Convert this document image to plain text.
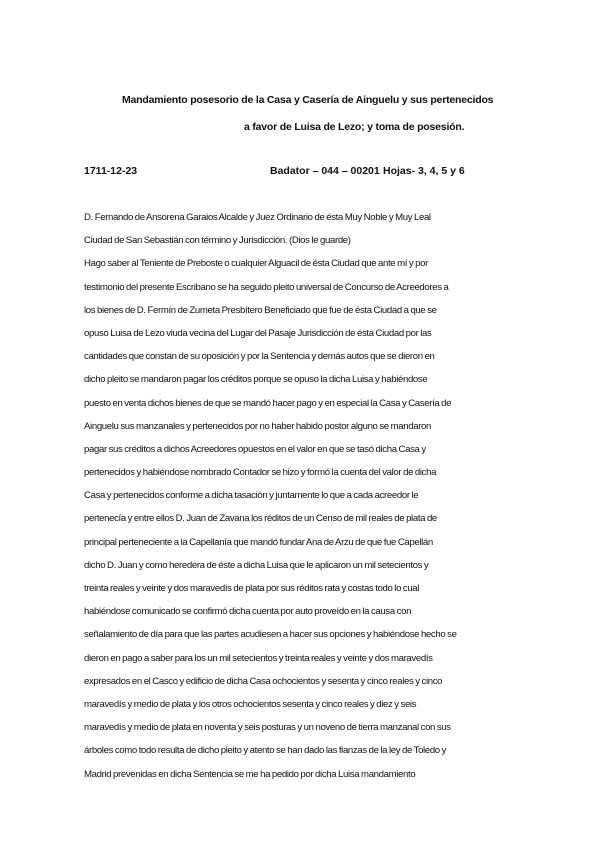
Mandamiento posesorio de la Casa y Casería de Ainguelu y sus pertenecidos
a favor de Luisa de Lezo; y toma de posesión.
1711-12-23	Badator – 044 – 00201 Hojas- 3, 4, 5 y 6
D. Fernando de Ansorena Garaios Alcalde y Juez Ordinario de ésta Muy Noble y Muy Leal
Ciudad de San Sebastián con término y Jurisdicción. (Dios le guarde)
Hago saber al Teniente de Preboste o cualquier Alguacil de ésta Ciudad que ante mí y por
testimonio del presente Escribano se ha seguido pleito universal de Concurso de Acreedores a
los bienes de D. Fermín de Zumeta Presbítero Beneficiado que fue de ésta Ciudad a que se
opuso Luisa de Lezo viuda vecina del Lugar del Pasaje Jurisdicción de ésta Ciudad por las
cantidades que constan de su oposición y por la Sentencia y demás autos que se dieron en
dicho pleito se mandaron pagar los créditos porque se opuso la dicha Luisa y habiéndose
puesto en venta dichos bienes de que se mandó hacer pago y en especial la Casa y Casería de
Ainguelu sus manzanales y pertenecidos por no haber habido postor alguno se mandaron
pagar sus créditos a dichos Acreedores opuestos en el valor en que se tasó dicha Casa y
pertenecidos y habiéndose nombrado Contador se hizo y formó la cuenta del valor de dicha
Casa y pertenecidos conforme a dicha tasación y juntamente lo que a cada acreedor le
pertenecía y entre ellos D. Juan de Zavana los réditos de un Censo de mil reales de plata de
principal perteneciente a la Capellanía que mandó fundar Ana de Arzu de que fue Capellán
dicho D. Juan y como heredera de éste a dicha Luisa que le aplicaron un mil setecientos y
treinta reales y veinte y dos maravedís de plata por sus réditos rata y costas todo lo cual
habiéndose comunicado se confirmó dicha cuenta por auto proveído en la causa con
señalamiento de día para que las partes acudiesen a hacer sus opciones y habiéndose hecho se
dieron en pago a saber para los un mil setecientos y treinta reales y veinte y dos maravedís
expresados en el Casco y edificio de dicha Casa ochocientos y sesenta y cinco reales y cinco
maravedís y medio de plata y los otros ochocientos sesenta y cinco reales y diez y seis
maravedís y medio de plata en noventa y seis posturas y un noveno de tierra manzanal con sus
árboles como todo resulta de dicho pleito y atento se han dado las fianzas de la ley de Toledo y
Madrid prevenidas en dicha Sentencia se me ha pedido por dicha Luisa mandamiento
